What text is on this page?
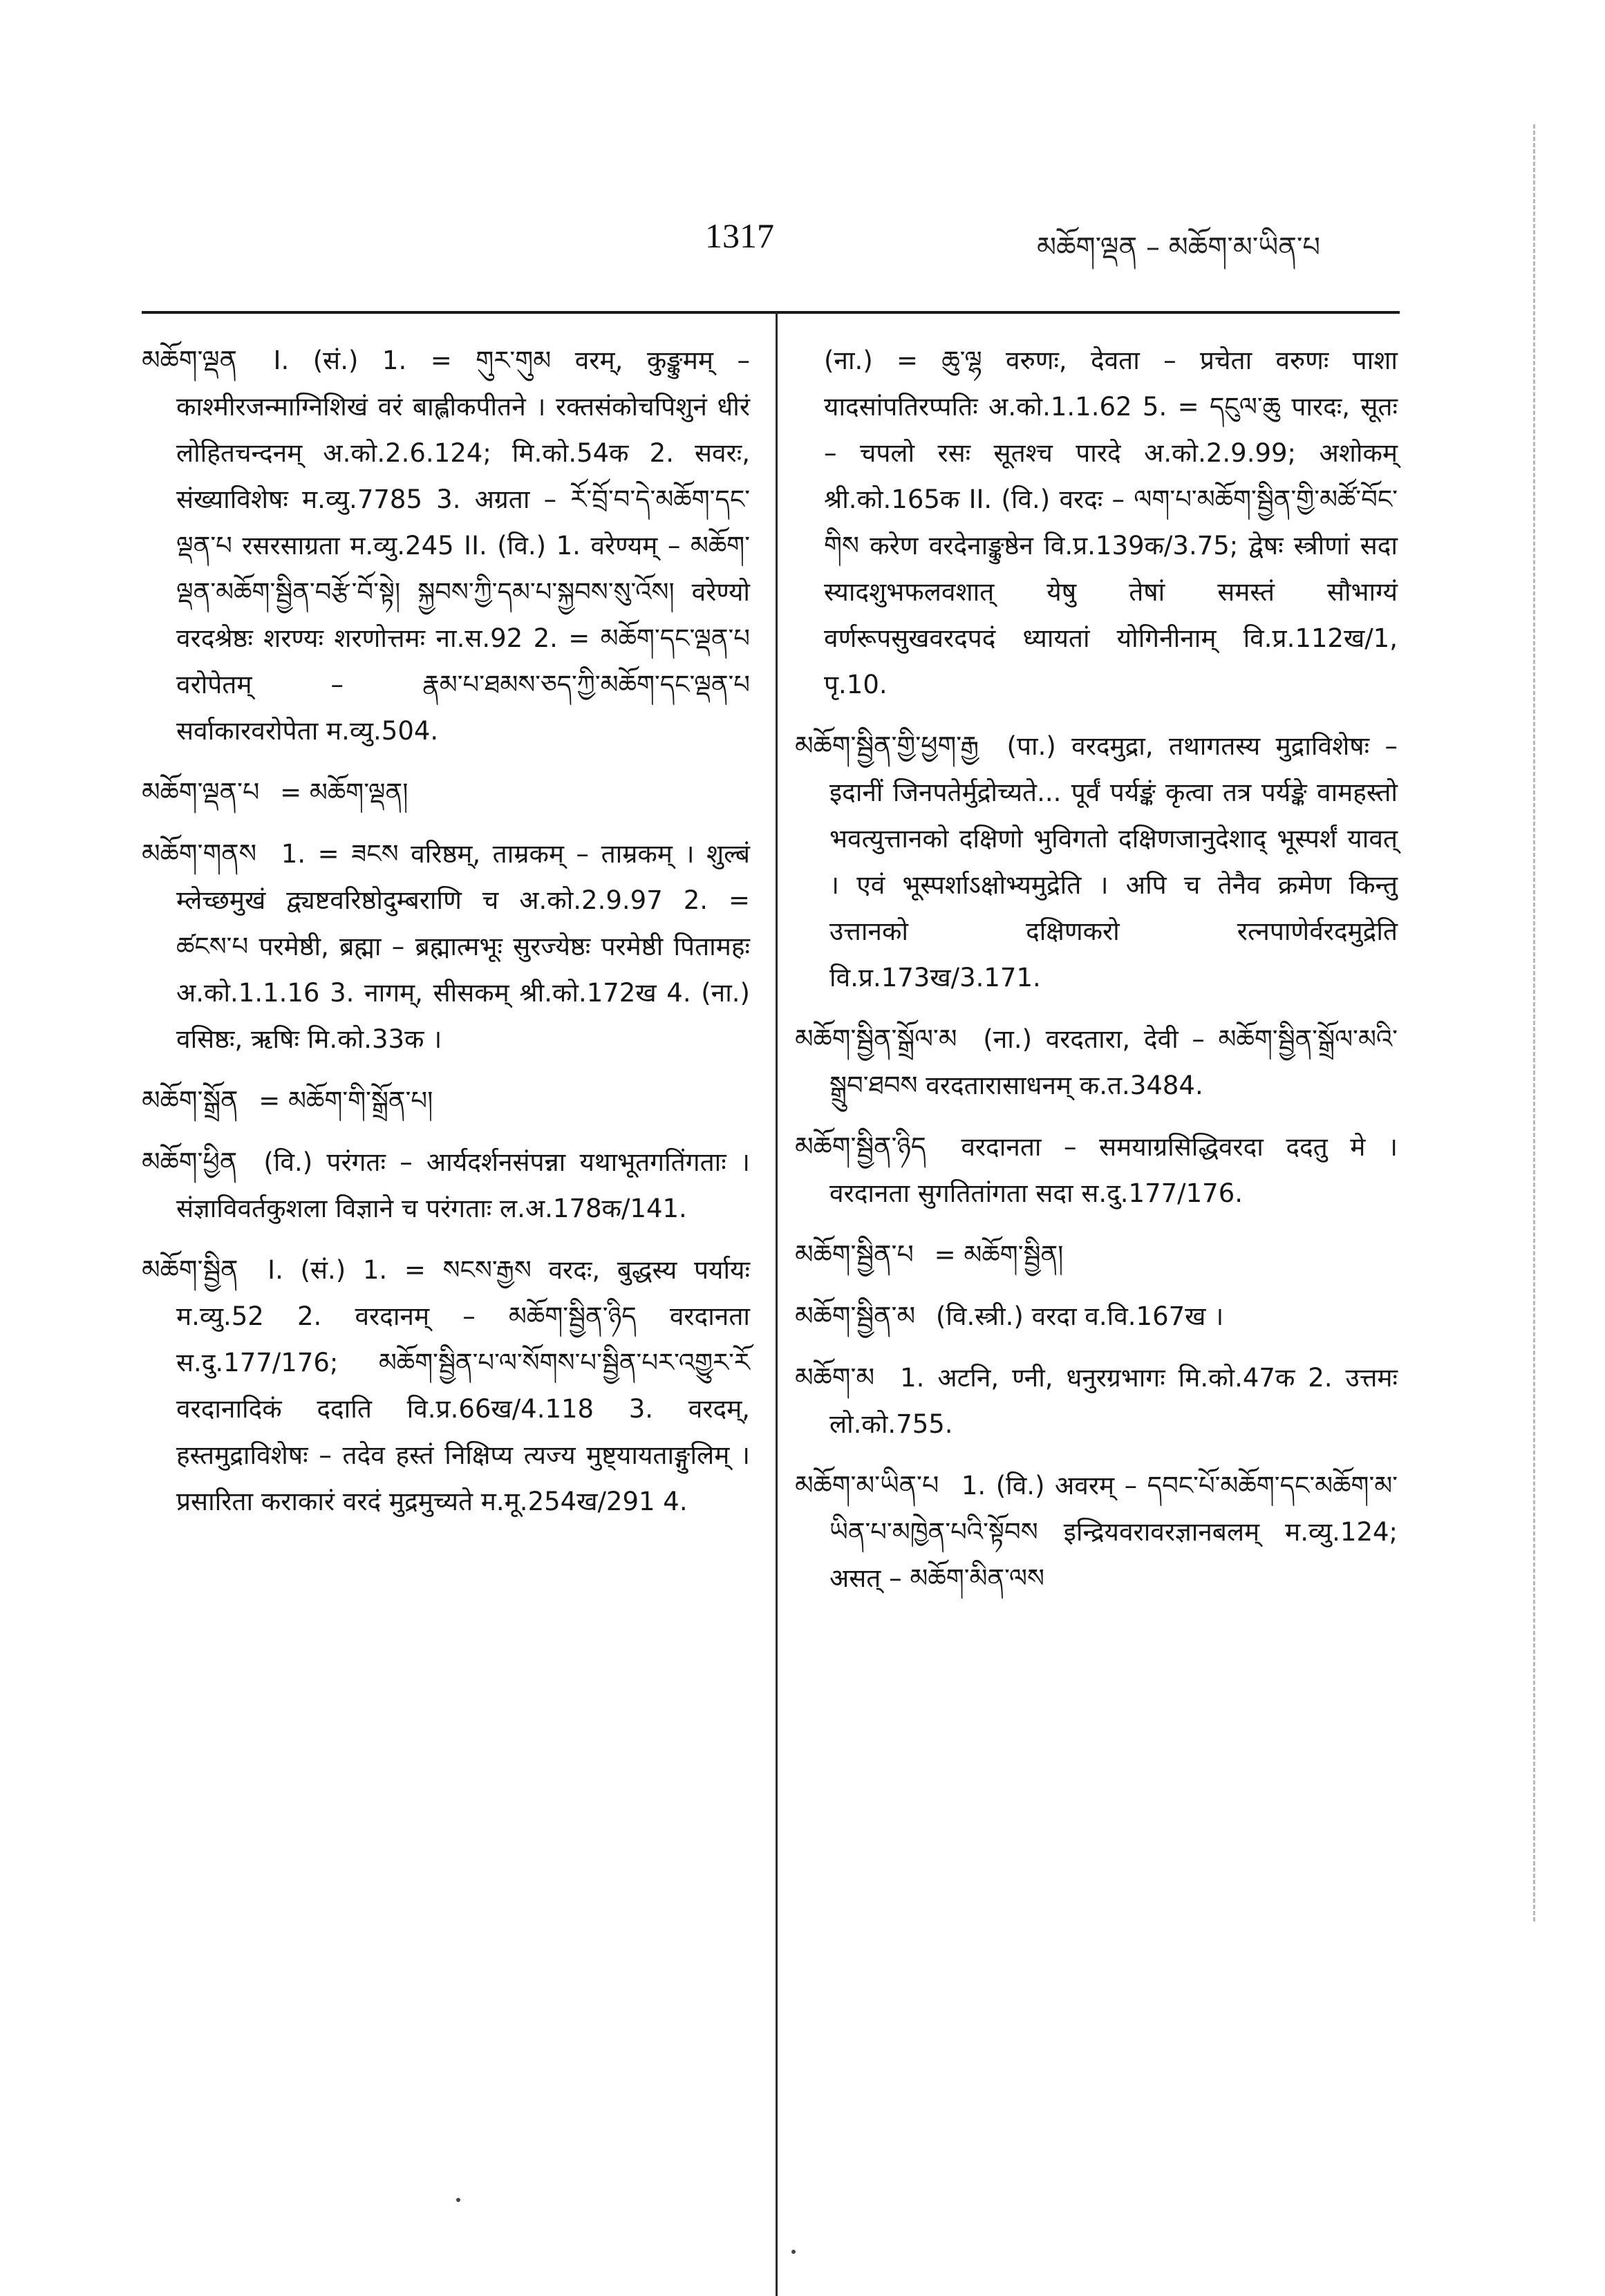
1317	མཆོག་ལྡན – མཆོག་མ་ཡིན་པ
མཆོག་ལྡན I. (सं.) 1. = གུར་གུམ वरम्, कुङ्कुमम् – काश्मीरजन्माग्निशिखं वरं बाह्लीकपीतने । रक्तसंकोचपिशुनं धीरं लोहितचन्दनम् अ.को.2.6.124; मि.को.54क 2. सवरः, संख्याविशेषः म.व्यु.7785 3. अग्रता – རོ་བྲོ་བ་དེ་མཆོག་དང་ལྡན་པ रसरसाग्रता म.व्यु.245 II. (वि.) 1. वरेण्यम् – མཆོག་ལྡན་མཆོག་སྦྱིན་བརྩོ་བོ་སྟེ། སྐྱབས་ཀྱི་དམ་པ་སྐྱབས་སུ་འོས། वरेण्यो वरदश्रेष्ठः शरण्यः शरणोत्तमः ना.स.92 2. = མཆོག་དང་ལྡན་པ वरोपेतम् – རྣམ་པ་ཐམས་ཅད་ཀྱི་མཆོག་དང་ལྡན་པ सर्वाकारवरोपेता म.व्यु.504.
མཆོག་ལྡན་པ = མཆོག་ལྡན།
མཆོག་གནས 1. = ཟངས वरिष्ठम्, ताम्रकम् – ताम्रकम् । शुल्बं म्लेच्छमुखं द्व्यष्टवरिष्ठोदुम्बराणि च अ.को.2.9.97 2. = ཚངས་པ परमेष्ठी, ब्रह्मा – ब्रह्मात्मभूः सुरज्येष्ठः परमेष्ठी पितामहः अ.को.1.1.16 3. नागम्, सीसकम् श्री.को.172ख 4. (ना.) वसिष्ठः, ऋषिः मि.को.33क ।
མཆོག་སྒྲོན = མཆོག་གི་སྒྲོན་པ།
མཆོག་ཕྱིན (वि.) परंगतः – आर्यदर्शनसंपन्ना यथाभूतगतिंगताः । संज्ञाविवर्तकुशला विज्ञाने च परंगताः ल.अ.178क/141.
མཆོག་སྦྱིན I. (सं.) 1. = སངས་རྒྱས वरदः, बुद्धस्य पर्यायः म.व्यु.52 2. वरदानम् – མཆོག་སྦྱིན་ཉིད वरदानता स.दु.177/176; མཆོག་སྦྱིན་པ་ལ་སོགས་པ་སྦྱིན་པར་འགྱུར་རོ वरदानादिकं ददाति वि.प्र.66ख/4.118 3. वरदम्, हस्तमुद्राविशेषः – तदेव हस्तं निक्षिप्य त्यज्य मुष्ट्यायताङ्गुलिम् । प्रसारिता कराकारं वरदं मुद्रमुच्यते म.मू.254ख/291 4.
(ना.) = ཆུ་ལྷ वरुणः, देवता – प्रचेता वरुणः पाशा यादसांपतिरप्पतिः अ.को.1.1.62 5. = དངུལ་ཆུ पारदः, सूतः – चपलो रसः सूतश्च पारदे अ.को.2.9.99; अशोकम् श्री.को.165क II. (वि.) वरदः – ལག་པ་མཆོག་སྦྱིན་གྱི་མཚོ་བོང་གིས करेण वरदेनाङ्कुष्ठेन वि.प्र.139क/3.75; द्वेषः स्त्रीणां सदा स्यादशुभफलवशात् येषु तेषां समस्तं सौभाग्यं वर्णरूपसुखवरदपदं ध्यायतां योगिनीनाम् वि.प्र.112ख/1, पृ.10.
མཆོག་སྦྱིན་གྱི་ཕྱག་རྒྱ (पा.) वरदमुद्रा, तथागतस्य मुद्राविशेषः – इदानीं जिनपतेर्मुद्रोच्यते... पूर्वं पर्यङ्कं कृत्वा तत्र पर्यङ्के वामहस्तो भवत्युत्तानको दक्षिणो भुविगतो दक्षिणजानुदेशाद् भूस्पर्शं यावत् । एवं भूस्पर्शाऽक्षोभ्यमुद्रेति । अपि च तेनैव क्रमेण किन्तु उत्तानको दक्षिणकरो रत्नपाणेर्वरदमुद्रेति वि.प्र.173ख/3.171.
མཆོག་སྦྱིན་སྒྲོལ་མ (ना.) वरदतारा, देवी – མཆོག་སྦྱིན་སྒྲོལ་མའི་སྒྲུབ་ཐབས वरदतारासाधनम् क.त.3484.
མཆོག་སྦྱིན་ཉིད वरदानता – समयाग्रसिद्धिवरदा ददतु मे । वरदानता सुगतितांगता सदा स.दु.177/176.
མཆོག་སྦྱིན་པ = མཆོག་སྦྱིན།
མཆོག་སྦྱིན་མ (वि.स्त्री.) वरदा व.वि.167ख ।
མཆོག་མ 1. अटनि, ण्नी, धनुरग्रभागः मि.को.47क 2. उत्तमः लो.को.755.
མཆོག་མ་ཡིན་པ 1. (वि.) अवरम् – དབང་པོ་མཆོག་དང་མཆོག་མ་ཡིན་པ་མཁྱེན་པའི་སྟོབས इन्द्रियवरावरज्ञानबलम् म.व्यु.124; असत् – མཆོག་མིན་ལས
